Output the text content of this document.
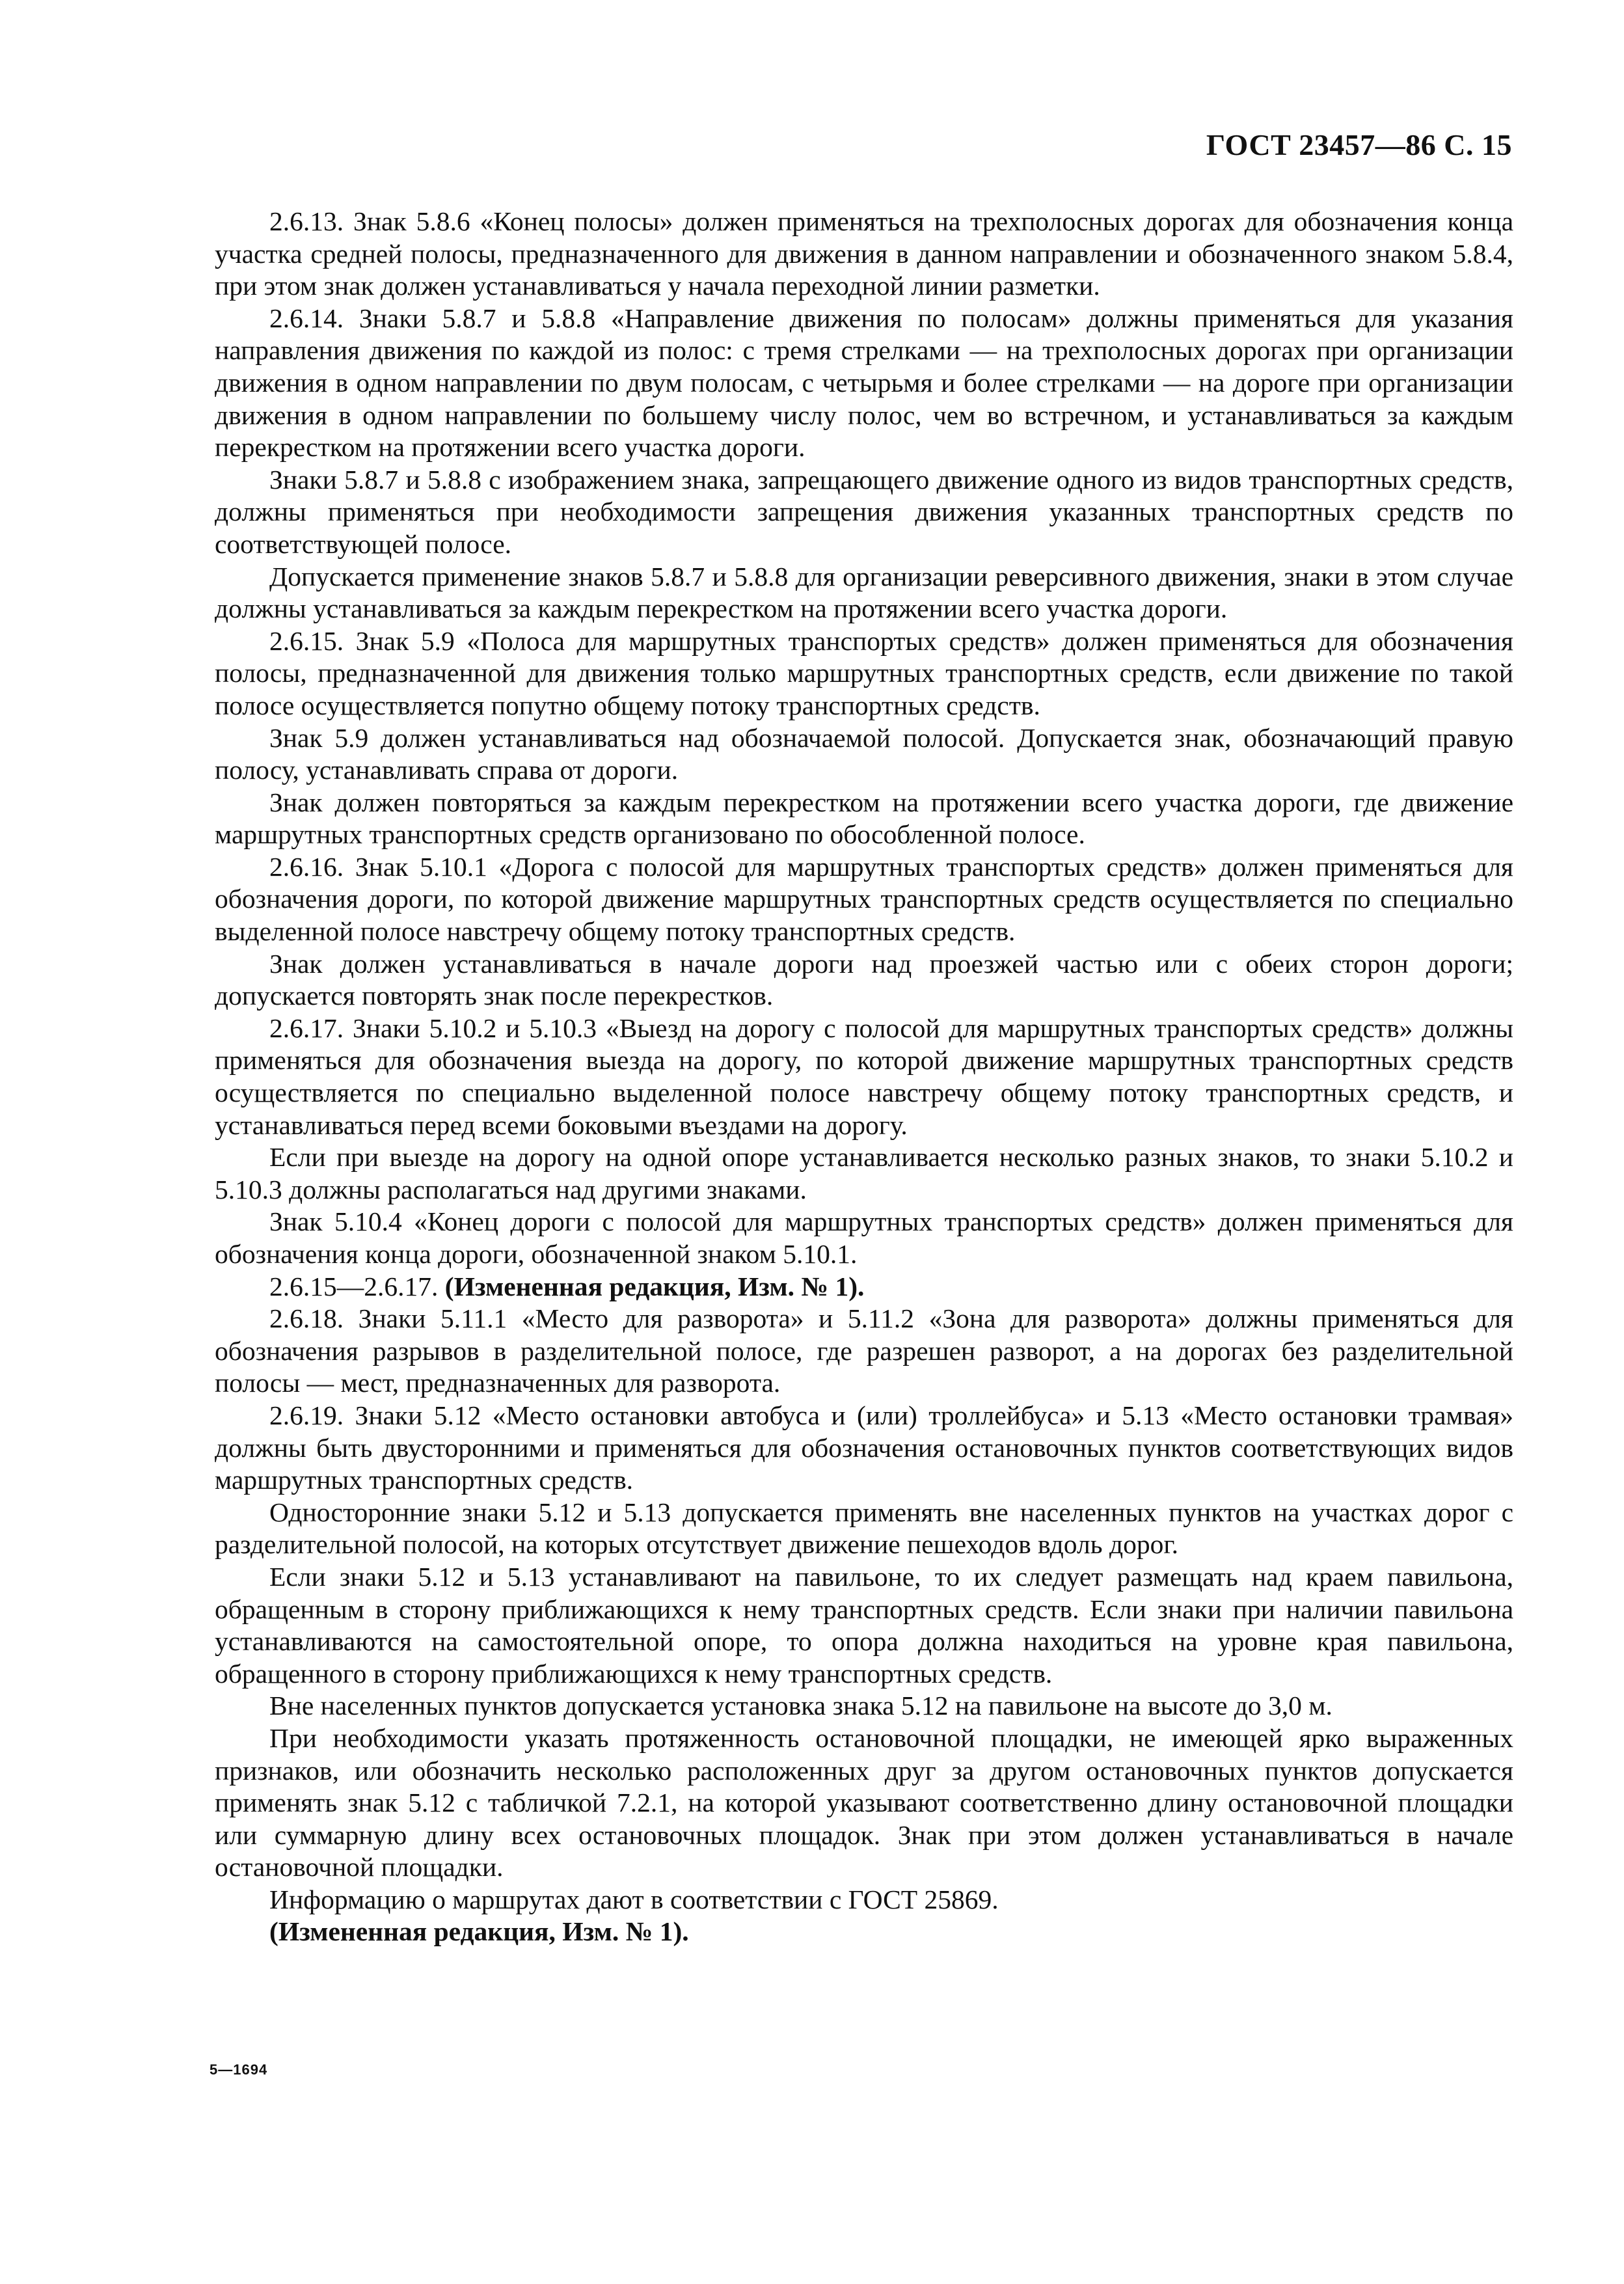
ГОСТ 23457—86 С. 15

2.6.13. Знак 5.8.6 «Конец полосы» должен применяться на трехполосных дорогах для обозначения конца участка средней полосы, предназначенного для движения в данном направлении и обозначенного знаком 5.8.4, при этом знак должен устанавливаться у начала переходной линии разметки.

2.6.14. Знаки 5.8.7 и 5.8.8 «Направление движения по полосам» должны применяться для указания направления движения по каждой из полос: с тремя стрелками — на трехполосных дорогах при организации движения в одном направлении по двум полосам, с четырьмя и более стрелками — на дороге при организации движения в одном направлении по большему числу полос, чем во встречном, и устанавливаться за каждым перекрестком на протяжении всего участка дороги.

Знаки 5.8.7 и 5.8.8 с изображением знака, запрещающего движение одного из видов транспортных средств, должны применяться при необходимости запрещения движения указанных транспортных средств по соответствующей полосе.

Допускается применение знаков 5.8.7 и 5.8.8 для организации реверсивного движения, знаки в этом случае должны устанавливаться за каждым перекрестком на протяжении всего участка дороги.

2.6.15. Знак 5.9 «Полоса для маршрутных транспортых средств» должен применяться для обозначения полосы, предназначенной для движения только маршрутных транспортных средств, если движение по такой полосе осуществляется попутно общему потоку транспортных средств.

Знак 5.9 должен устанавливаться над обозначаемой полосой. Допускается знак, обозначающий правую полосу, устанавливать справа от дороги.

Знак должен повторяться за каждым перекрестком на протяжении всего участка дороги, где движение маршрутных транспортных средств организовано по обособленной полосе.

2.6.16. Знак 5.10.1 «Дорога с полосой для маршрутных транспортых средств» должен применяться для обозначения дороги, по которой движение маршрутных транспортных средств осуществляется по специально выделенной полосе навстречу общему потоку транспортных средств.

Знак должен устанавливаться в начале дороги над проезжей частью или с обеих сторон дороги; допускается повторять знак после перекрестков.

2.6.17. Знаки 5.10.2 и 5.10.3 «Выезд на дорогу с полосой для маршрутных транспортых средств» должны применяться для обозначения выезда на дорогу, по которой движение маршрутных транспортных средств осуществляется по специально выделенной полосе навстречу общему потоку транспортных средств, и устанавливаться перед всеми боковыми въездами на дорогу.

Если при выезде на дорогу на одной опоре устанавливается несколько разных знаков, то знаки 5.10.2 и 5.10.3 должны располагаться над другими знаками.

Знак 5.10.4 «Конец дороги с полосой для маршрутных транспортых средств» должен применяться для обозначения конца дороги, обозначенной знаком 5.10.1.

2.6.15—2.6.17. (Измененная редакция, Изм. № 1).

2.6.18. Знаки 5.11.1 «Место для разворота» и 5.11.2 «Зона для разворота» должны применяться для обозначения разрывов в разделительной полосе, где разрешен разворот, а на дорогах без разделительной полосы — мест, предназначенных для разворота.

2.6.19. Знаки 5.12 «Место остановки автобуса и (или) троллейбуса» и 5.13 «Место остановки трамвая» должны быть двусторонними и применяться для обозначения остановочных пунктов соответствующих видов маршрутных транспортных средств.

Односторонние знаки 5.12 и 5.13 допускается применять вне населенных пунктов на участках дорог с разделительной полосой, на которых отсутствует движение пешеходов вдоль дорог.

Если знаки 5.12 и 5.13 устанавливают на павильоне, то их следует размещать над краем павильона, обращенным в сторону приближающихся к нему транспортных средств. Если знаки при наличии павильона устанавливаются на самостоятельной опоре, то опора должна находиться на уровне края павильона, обращенного в сторону приближающихся к нему транспортных средств.

Вне населенных пунктов допускается установка знака 5.12 на павильоне на высоте до 3,0 м.

При необходимости указать протяженность остановочной площадки, не имеющей ярко выраженных признаков, или обозначить несколько расположенных друг за другом остановочных пунктов допускается применять знак 5.12 с табличкой 7.2.1, на которой указывают соответственно длину остановочной площадки или суммарную длину всех остановочных площадок. Знак при этом должен устанавливаться в начале остановочной площадки.

Информацию о маршрутах дают в соответствии с ГОСТ 25869.

(Измененная редакция, Изм. № 1).

5—1694
